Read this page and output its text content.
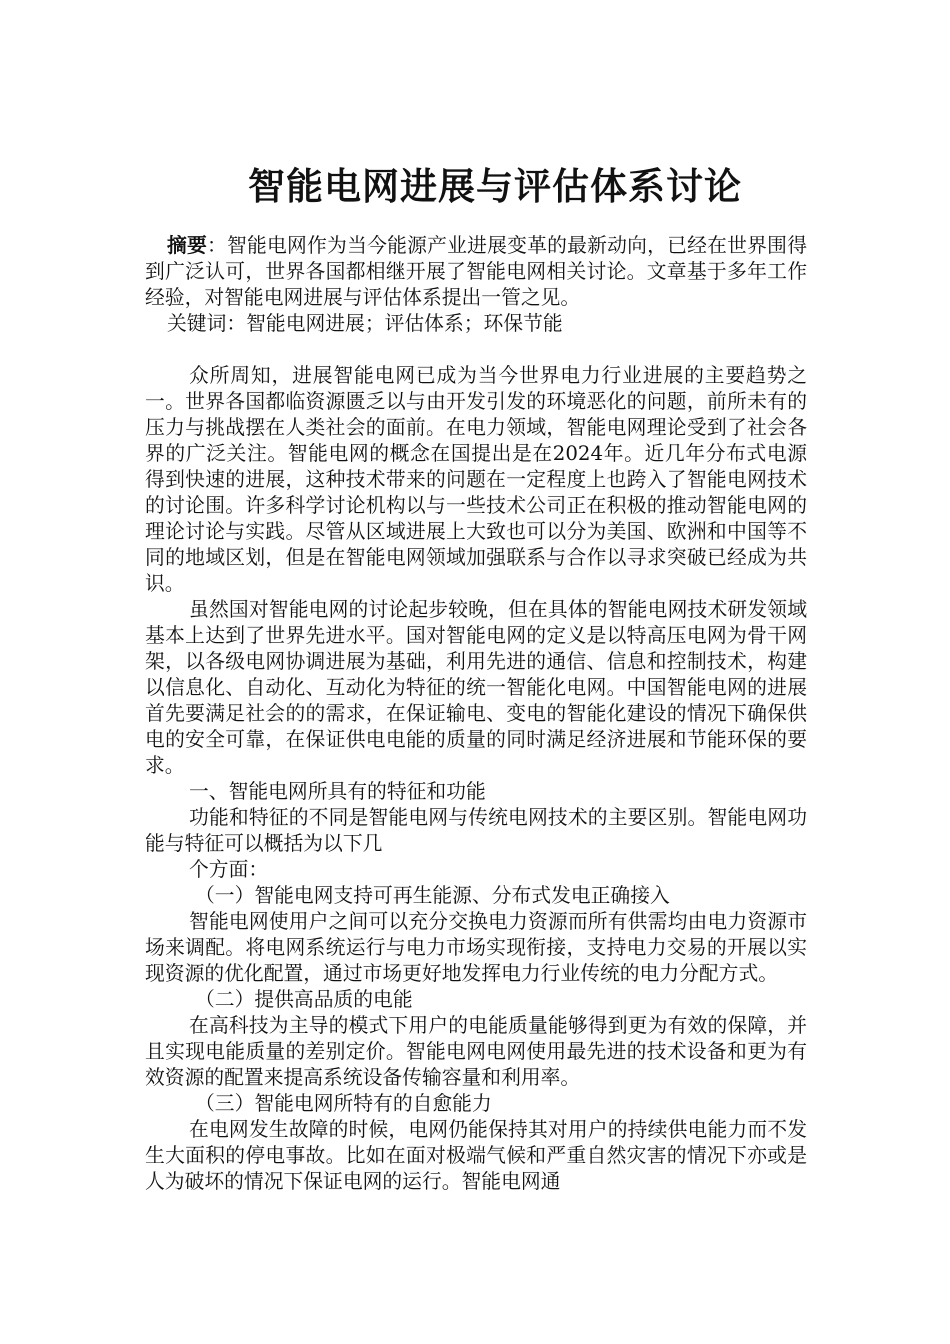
智能电网进展与评估体系讨论

摘要：智能电网作为当今能源产业进展变革的最新动向，已经在世界围得到广泛认可，世界各国都相继开展了智能电网相关讨论。文章基于多年工作经验，对智能电网进展与评估体系提出一管之见。

关键词：智能电网进展；评估体系；环保节能

众所周知，进展智能电网已成为当今世界电力行业进展的主要趋势之一。世界各国都临资源匮乏以与由开发引发的环境恶化的问题，前所未有的压力与挑战摆在人类社会的面前。在电力领域，智能电网理论受到了社会各界的广泛关注。智能电网的概念在国提出是在2024年。近几年分布式电源得到快速的进展，这种技术带来的问题在一定程度上也跨入了智能电网技术的讨论围。许多科学讨论机构以与一些技术公司正在积极的推动智能电网的理论讨论与实践。尽管从区域进展上大致也可以分为美国、欧洲和中国等不同的地域区划，但是在智能电网领域加强联系与合作以寻求突破已经成为共识。

虽然国对智能电网的讨论起步较晚，但在具体的智能电网技术研发领域基本上达到了世界先进水平。国对智能电网的定义是以特高压电网为骨干网架，以各级电网协调进展为基础，利用先进的通信、信息和控制技术，构建以信息化、自动化、互动化为特征的统一智能化电网。中国智能电网的进展首先要满足社会的的需求，在保证输电、变电的智能化建设的情况下确保供电的安全可靠，在保证供电电能的质量的同时满足经济进展和节能环保的要求。

一、智能电网所具有的特征和功能

功能和特征的不同是智能电网与传统电网技术的主要区别。智能电网功能与特征可以概括为以下几

个方面：

（一）智能电网支持可再生能源、分布式发电正确接入

智能电网使用户之间可以充分交换电力资源而所有供需均由电力资源市场来调配。将电网系统运行与电力市场实现衔接，支持电力交易的开展以实现资源的优化配置，通过市场更好地发挥电力行业传统的电力分配方式。

（二）提供高品质的电能

在高科技为主导的模式下用户的电能质量能够得到更为有效的保障，并且实现电能质量的差别定价。智能电网电网使用最先进的技术设备和更为有效资源的配置来提高系统设备传输容量和利用率。

（三）智能电网所特有的自愈能力

在电网发生故障的时候，电网仍能保持其对用户的持续供电能力而不发生大面积的停电事故。比如在面对极端气候和严重自然灾害的情况下亦或是人为破坏的情况下保证电网的运行。智能电网通
